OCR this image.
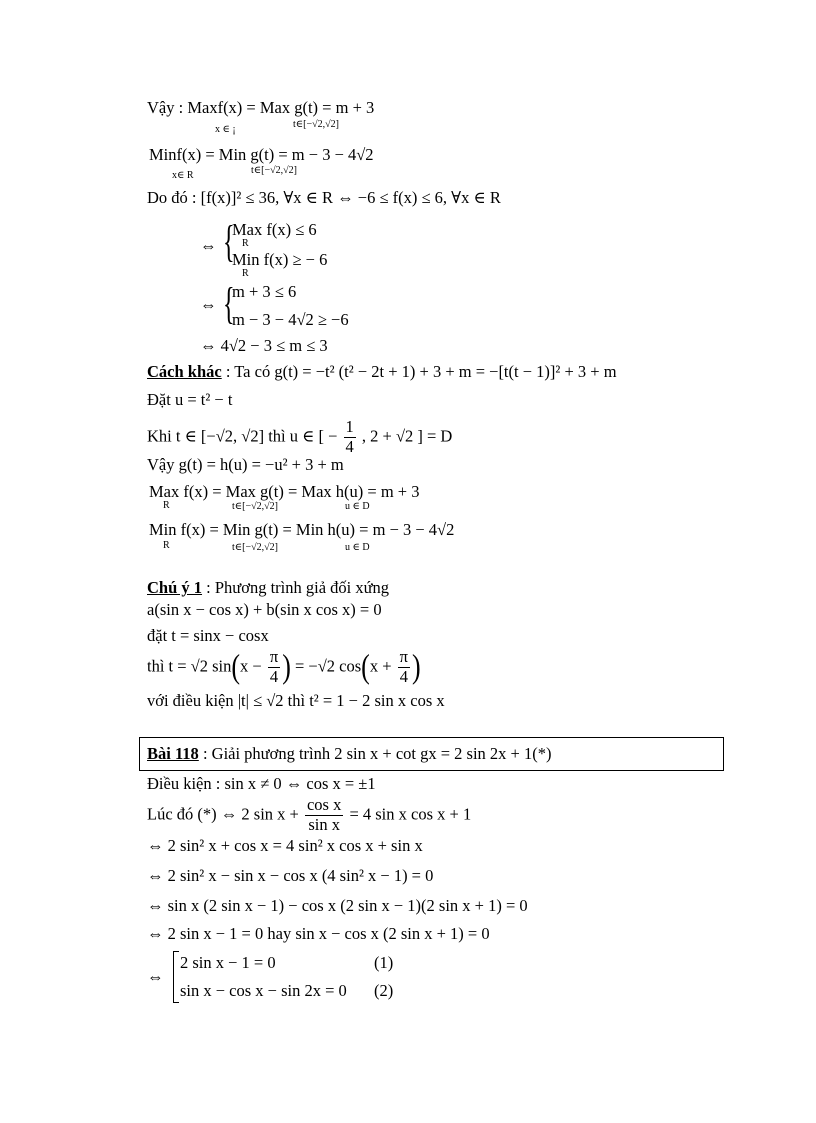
Vậy : Maxf(x) = Max g(t) = m + 3
x ∈ ¡	t∈[−√2,√2]
Minf(x) = Min g(t) = m − 3 − 4√2
x∈ R	t∈[−√2,√2]
Do đó : [f(x)]² ≤ 36, ∀x ∈ R ⇔ −6 ≤ f(x) ≤ 6, ∀x ∈ R
⇔ {
Max f(x) ≤ 6
R
Min f(x) ≥ − 6
R
⇔ {
m + 3 ≤ 6
m − 3 − 4√2 ≥ −6
⇔ 4√2 − 3 ≤ m ≤ 3
Cách khác : Ta có g(t) = −t² (t² − 2t + 1) + 3 + m = −[t(t − 1)]² + 3 + m
Đặt u = t² − t
Khi t ∈ [−√2, √2] thì u ∈ [ − $\frac{1}{4}$ , 2 + √2 ] = D
Vậy g(t) = h(u) = −u² + 3 + m
Max f(x) = Max g(t) = Max h(u) = m + 3
R	t∈[−√2,√2]	u ∈ D
Min f(x) = Min g(t) = Min h(u) = m − 3 − 4√2
R	t∈[−√2,√2]	u ∈ D
Chú ý 1 : Phương trình giả đối xứng
a(sin x − cos x) + b(sin x cos x) = 0
đặt t = sinx − cosx
thì t = √2 $\sin(x - \frac{\pi}{4}$ ) = −√2 $\cos(x + \frac{\pi}{4}$ )
với điều kiện |t| ≤ √2 thì t² = 1 − 2 sin x cos x
Bài 118 : Giải phương trình 2 sin x + cot gx = 2 sin 2x + 1(*)
Điều kiện : sin x ≠ 0 ⇔ cos x = ±1
Lúc đó (*) ⇔ 2 $\sin x + \frac{\text{cos x}}{\text{sin x}} = 4$ sin x cos x + 1
⇔ 2 sin² x + cos x = 4 sin² x cos x + sin x
⇔ 2 sin² x − sin x − cos x (4 sin² x − 1) = 0
⇔ sin x (2 sin x − 1) − cos x (2 sin x − 1)(2 sin x + 1) = 0
⇔ 2 sin x − 1 = 0 hay sin x − cos x (2 sin x + 1) = 0
⇔
2 sin x − 1 = 0	(1)
sin x − cos x − sin 2x = 0 (2)
